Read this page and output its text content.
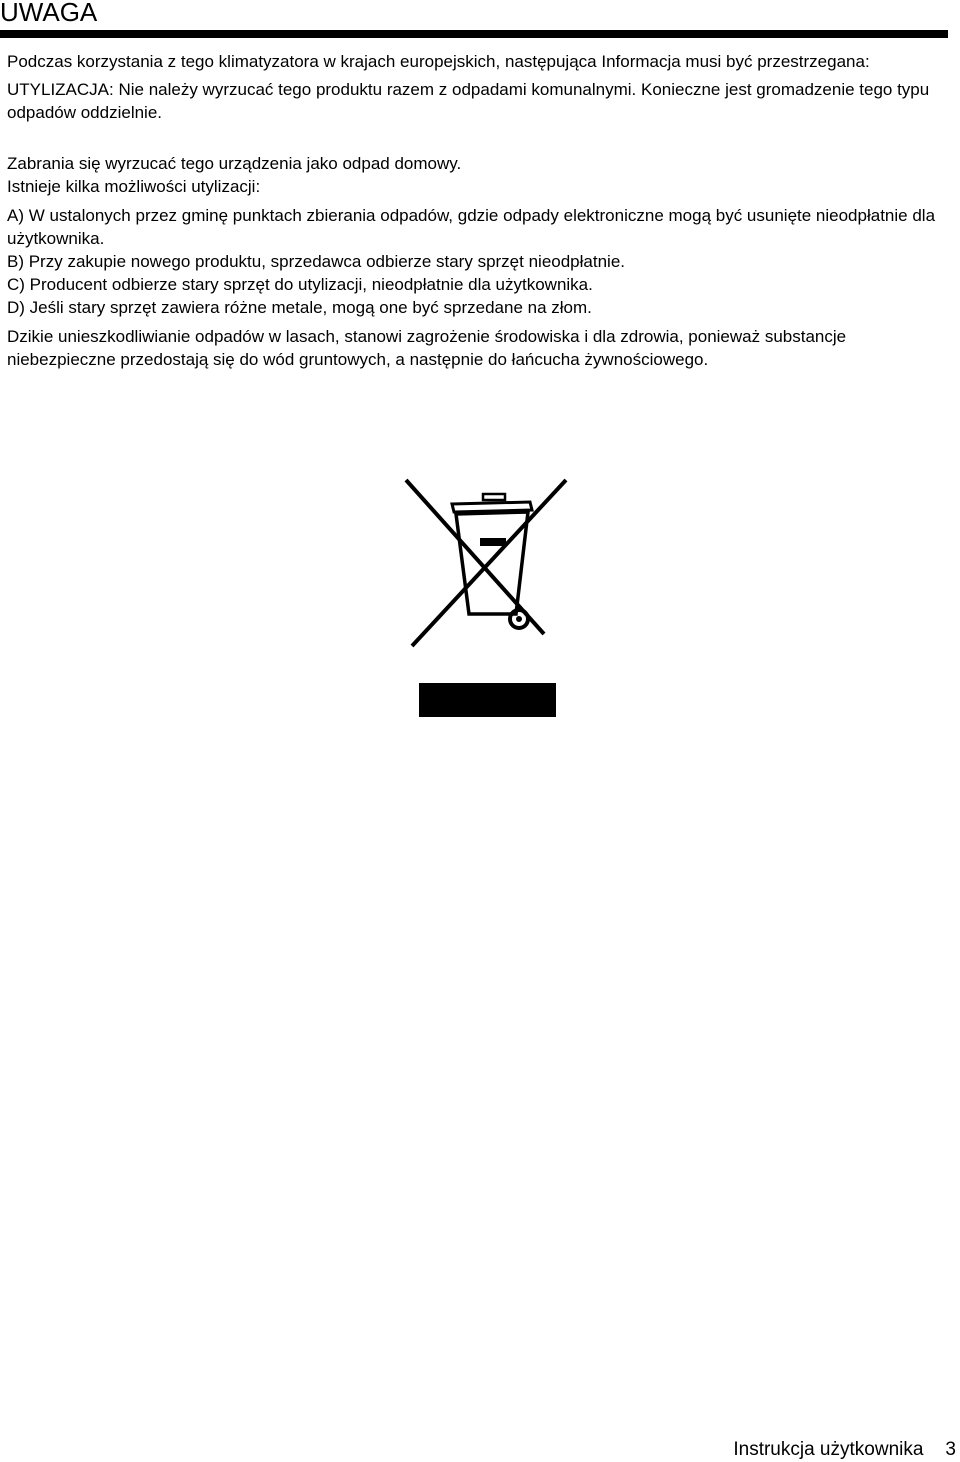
UWAGA

Podczas korzystania z tego klimatyzatora w krajach europejskich, następująca Informacja musi być przestrzegana:

UTYLIZACJA: Nie należy wyrzucać tego produktu razem z odpadami komunalnymi. Konieczne jest gromadzenie tego typu odpadów oddzielnie.

Zabrania się wyrzucać tego urządzenia jako odpad domowy.

Istnieje kilka możliwości utylizacji:

A) W ustalonych przez gminę punktach zbierania odpadów, gdzie odpady elektroniczne mogą być usunięte nieodpłatnie dla użytkownika.

B) Przy zakupie nowego produktu, sprzedawca odbierze stary sprzęt nieodpłatnie.

C) Producent odbierze stary sprzęt do utylizacji, nieodpłatnie dla użytkownika.

D) Jeśli stary sprzęt zawiera różne metale, mogą one być sprzedane na złom.

Dzikie unieszkodliwianie odpadów w lasach, stanowi zagrożenie środowiska i dla zdrowia, ponieważ substancje niebezpieczne przedostają się do wód gruntowych, a następnie do łańcucha żywnościowego.

Instrukcja użytkownika 3
